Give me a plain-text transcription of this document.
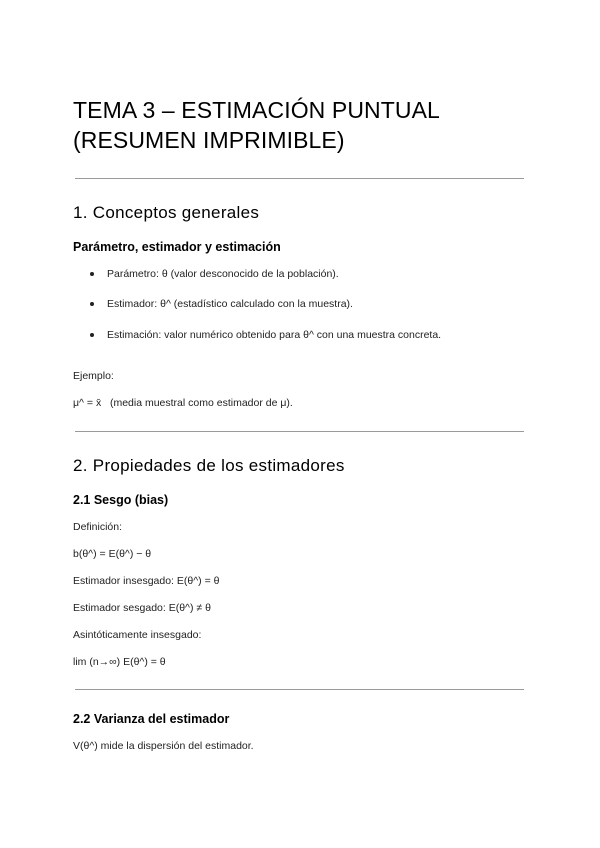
TEMA 3 – ESTIMACIÓN PUNTUAL
(RESUMEN IMPRIMIBLE)
1. Conceptos generales
Parámetro, estimador y estimación
Parámetro: θ (valor desconocido de la población).
Estimador: θ^ (estadístico calculado con la muestra).
Estimación: valor numérico obtenido para θ^ con una muestra concreta.
Ejemplo:
μ^ = x̄   (media muestral como estimador de μ).
2. Propiedades de los estimadores
2.1 Sesgo (bias)
Definición:
b(θ^) = E(θ^) − θ
Estimador insesgado: E(θ^) = θ
Estimador sesgado: E(θ^) ≠ θ
Asintóticamente insesgado:
lim (n→∞) E(θ^) = θ
2.2 Varianza del estimador
V(θ^) mide la dispersión del estimador.
